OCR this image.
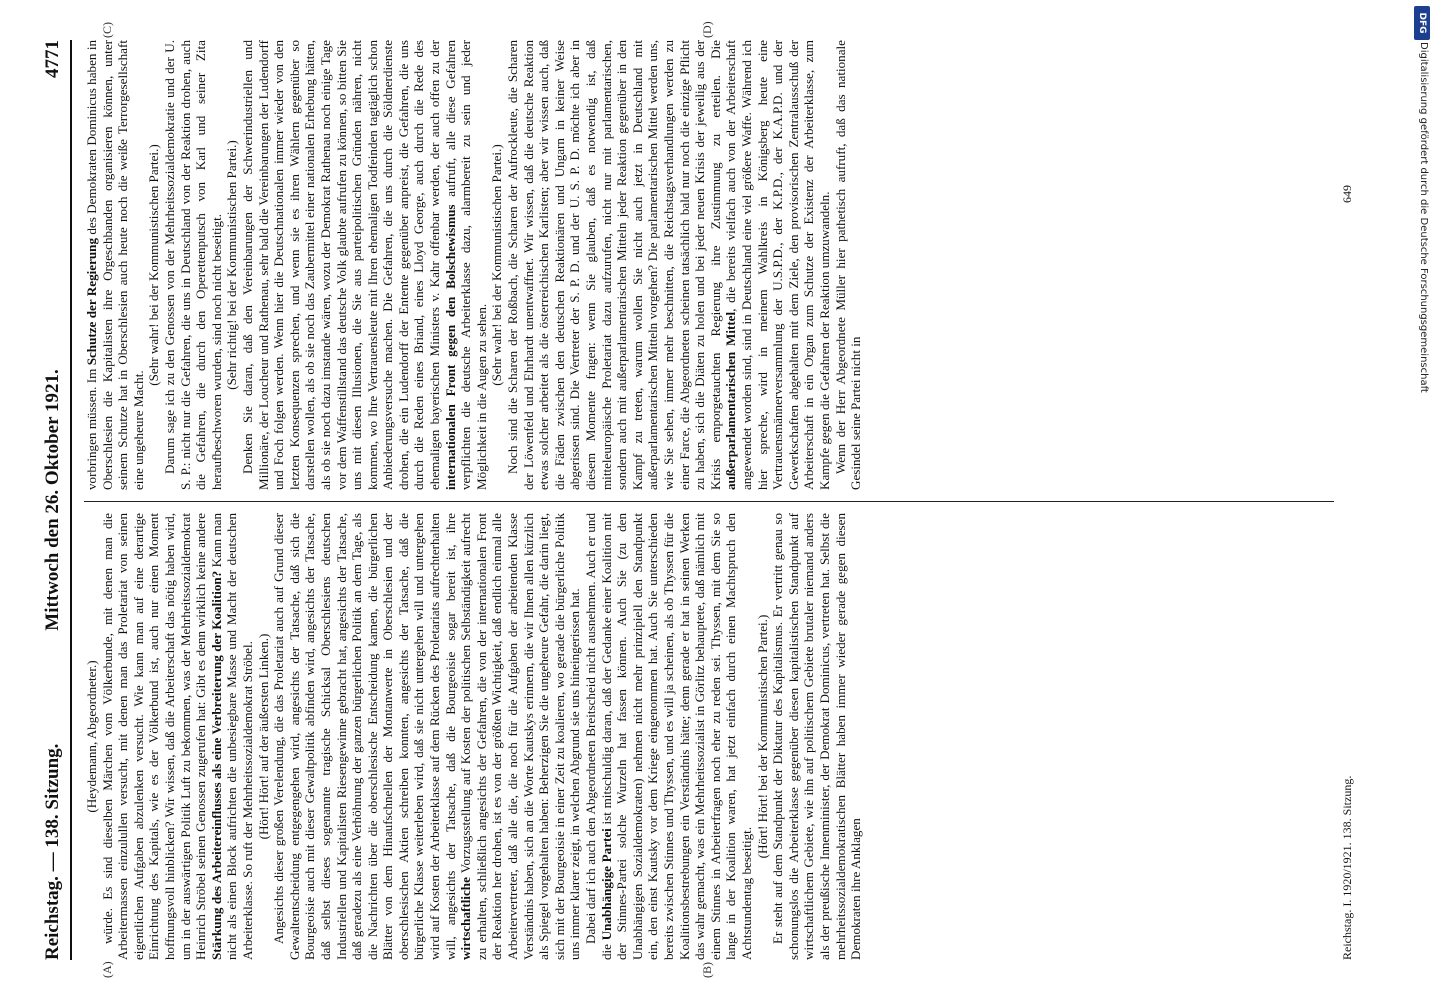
Reichstag. — 138. Sitzung.
Mittwoch den 26. Oktober 1921.
4771
(A)	(B)
(C)	(D)

(Heydemann, Abgeordneter.) würde. Es sind dieselben Märchen vom Völkerbunde, mit denen man die Arbeitermassen einzulullen versucht, mit denen man das Proletariat von seinen eigentlichen Aufgaben abzulenken versucht. Wie kann man auf eine derartige Einrichtung des Kapitals, wie es der Völkerbund ist, auch nur einen Moment hoffnungsvoll hinblicken? Wir wissen, daß die Arbeiterschaft das nötig haben wird, um in der auswärtigen Politik Luft zu bekommen, was der Mehrheitssozialdemokrat Heinrich Ströbel seinen Genossen zugerufen hat: Gibt es denn wirklich keine andere Stärkung des Arbeitereinflusses als eine Verbreiterung der Koalition? Kann man nicht als einen Block aufrichten die unbesiegbare Masse und Macht der deutschen Arbeiterklasse. So ruft der Mehrheitssozialdemokrat Ströbel. (Hört! Hört! auf der äußersten Linken.) Angesichts dieser großen Verelendung, die das Proletariat auch auf Grund dieser Gewaltentscheidung entgegengehen wird, angesichts der Tatsache, daß sich die Bourgeoisie auch mit dieser Gewaltpolitik abfinden wird, angesichts der Tatsache, daß selbst dieses sogenannte tragische Schicksal Oberschlesiens deutschen Industriellen und Kapitalisten Riesengewinne gebracht hat, angesichts der Tatsache, daß geradezu als eine Verhöhnung der ganzen bürgerlichen Politik an dem Tage, als die Nachrichten über die oberschlesische Entscheidung kamen, die bürgerlichen Blätter von dem Hinaufschnellen der Montanwerte in Oberschlesien und der oberschlesischen Aktien schreiben konnten, angesichts der Tatsache, daß die bürgerliche Klasse weiterleben wird, daß sie nicht untergehen will und untergehen wird auf Kosten der Arbeiterklasse auf dem Rücken des Proletariats aufrechterhalten will, angesichts der Tatsache, daß die Bourgeoisie sogar bereit ist, ihre wirtschaftliche Vorzugsstellung auf Kosten der politischen Selbständigkeit aufrecht zu erhalten, schließlich angesichts der Gefahren, die von der internationalen Front der Reaktion her drohen, ist es von der größten Wichtigkeit, daß endlich einmal alle Arbeitervertreter, daß alle die, die noch für die Aufgaben der arbeitenden Klasse Verständnis haben, sich an die Worte Kautskys erinnern, die wir Ihnen allen kürzlich als Spiegel vorgehalten haben: Beherzigen Sie die ungeheure Gefahr, die darin liegt, sich mit der Bourgeoisie in einer Zeit zu koalieren, wo gerade die bürgerliche Politik uns immer klarer zeigt, in welchen Abgrund sie uns hineingerissen hat. Dabei darf ich auch den Abgeordneten Breitscheid nicht ausnehmen. Auch er und die Unabhängige Partei ist mitschuldig daran, daß der Gedanke einer Koalition mit der Stinnes-Partei solche Wurzeln hat fassen können. Auch Sie (zu den Unabhängigen Sozialdemokraten) nehmen nicht mehr prinzipiell den Standpunkt ein, den einst Kautsky vor dem Kriege eingenommen hat. Auch Sie unterschieden bereits zwischen Stinnes und Thyssen, und es will ja scheinen, als ob Thyssen für die Koalitionsbestrebungen ein Verständnis hätte; denn gerade er hat in seinen Werken das wahr gemacht, was ein Mehrheitssozialist in Görlitz behauptete, daß nämlich mit einem Stinnes in Arbeiterfragen noch eher zu reden sei. Thyssen, mit dem Sie so lange in der Koalition waren, hat jetzt einfach durch einen Machtspruch den Achtstundentag beseitigt.

(Hört! Hört! bei der Kommunistischen Partei.) Er steht auf dem Standpunkt der Diktatur des Kapitalismus. Er vertritt genau so schonungslos die Arbeiterklasse gegenüber diesen kapitalistischen Standpunkt auf wirtschaftlichem Gebiete, wie ihn auf politischem Gebiete brutaler niemand anders als der preußische Innenminister, der Demokrat Dominicus, vertreten hat. Selbst die mehrheitssozialdemokratischen Blätter haben immer wieder gerade gegen diesen Demokraten ihre Anklagen

vorbringen müssen. Im Schutze der Regierung des Demokraten Dominicus haben in Oberschlesien die Kapitalisten ihre Orgeschbanden organisieren können, unter seinem Schutze hat in Oberschlesien auch heute noch die weiße Terrorgesellschaft eine ungeheure Macht.

(Sehr wahr! bei der Kommunistischen Partei.) Darum sage ich zu den Genossen von der Mehrheitssozialdemokratie und der U. S. P.: nicht nur die Gefahren, die uns in Deutschland von der Reaktion drohen, auch die Gefahren, die durch den Operettenputsch von Karl und seiner Zita heraufbeschworen wurden, sind noch nicht beseitigt. (Sehr richtig! bei der Kommunistischen Partei.) Denken Sie daran, daß den Vereinbarungen der Schwerindustriellen und Millionäre, der Loucheur und Rathenau, sehr bald die Vereinbarungen der Ludendorff und Foch folgen werden. Wenn hier die Deutschnationalen immer wieder von den letzten Konsequenzen sprechen, und wenn sie es ihren Wählern gegenüber so darstellen wollen, als ob sie noch das Zaubermittel einer nationalen Erhebung hätten, als ob sie noch dazu imstande wären, wozu der Demokrat Rathenau noch einige Tage vor dem Waffenstillstand das deutsche Volk glaubte aufrufen zu können, so bitten Sie uns mit diesen Illusionen, die Sie aus parteipolitischen Gründen nähren, nicht kommen, wo Ihre Vertrauensleute mit Ihren ehemaligen Todfeinden tagtäglich schon Anbiederungsversuche machen. Die Gefahren, die uns durch die Söldnerdienste drohen, die ein Ludendorff der Entente gegenüber anpreist, die Gefahren, die uns durch die Reden eines Briand, eines Lloyd George, auch durch die Rede des ehemaligen bayerischen Ministers v. Kahr offenbar werden, der auch offen zu der internationalen Front gegen den Bolschewismus aufruft, alle diese Gefahren verpflichten die deutsche Arbeiterklasse dazu, alarmbereit zu sein und jeder Möglichkeit in die Augen zu sehen.

(Sehr wahr! bei der Kommunistischen Partei.) Noch sind die Scharen der Roßbach, die Scharen der Aufrockleute, die Scharen der Löwenfeld und Ehrhardt unentwaffnet. Wir wissen, daß die deutsche Reaktion etwas solcher arbeitet als die österreichischen Karlisten; aber wir wissen auch, daß die Fäden zwischen den deutschen Reaktionären und Ungarn in keiner Weise abgerissen sind. Die Vertreter der S. P. D. und der U. S. P. D. möchte ich aber in diesem Momente fragen: wenn Sie glauben, daß es notwendig ist, daß mitteleuropäische Proletariat dazu aufzurufen, nicht nur mit parlamentarischen, sondern auch mit außerparlamentarischen Mitteln jeder Reaktion gegenüber in den Kampf zu treten, warum wollen Sie nicht auch jetzt in Deutschland mit außerparlamentarischen Mitteln vorgehen? Die parlamentarischen Mittel werden uns, wie Sie sehen, immer mehr beschnitten, die Reichstagsverhandlungen werden zu einer Farce, die Abgeordneten scheinen tatsächlich bald nur noch die einzige Pflicht zu haben, sich die Diäten zu holen und bei jeder neuen Krisis der jeweilig aus der Krisis emporgetauchten Regierung ihre Zustimmung zu erteilen. Die außerparlamentarischen Mittel, die bereits vielfach auch von der Arbeiterschaft angewendet worden sind, sind in Deutschland eine viel größere Waffe. Während ich hier spreche, wird in meinem Wahlkreis in Königsberg heute eine Vertrauensmännerversammlung der U.S.P.D., der K.P.D., der K.A.P.D. und der Gewerkschaften abgehalten mit dem Ziele, den provisorischen Zentralausschuß der Arbeiterschaft in ein Organ zum Schutze der Existenz der Arbeiterklasse, zum Kampfe gegen die Gefahren der Reaktion umzuwandeln. Wenn der Herr Abgeordnete Müller hier pathetisch aufruft, daß das nationale Gesindel seine Partei nicht in

Reichstag. I. 1920/1921. 138. Sitzung.
649	Digitalisierung gefördert durch die Deutsche Forschungsgemeinschaft
DFG
